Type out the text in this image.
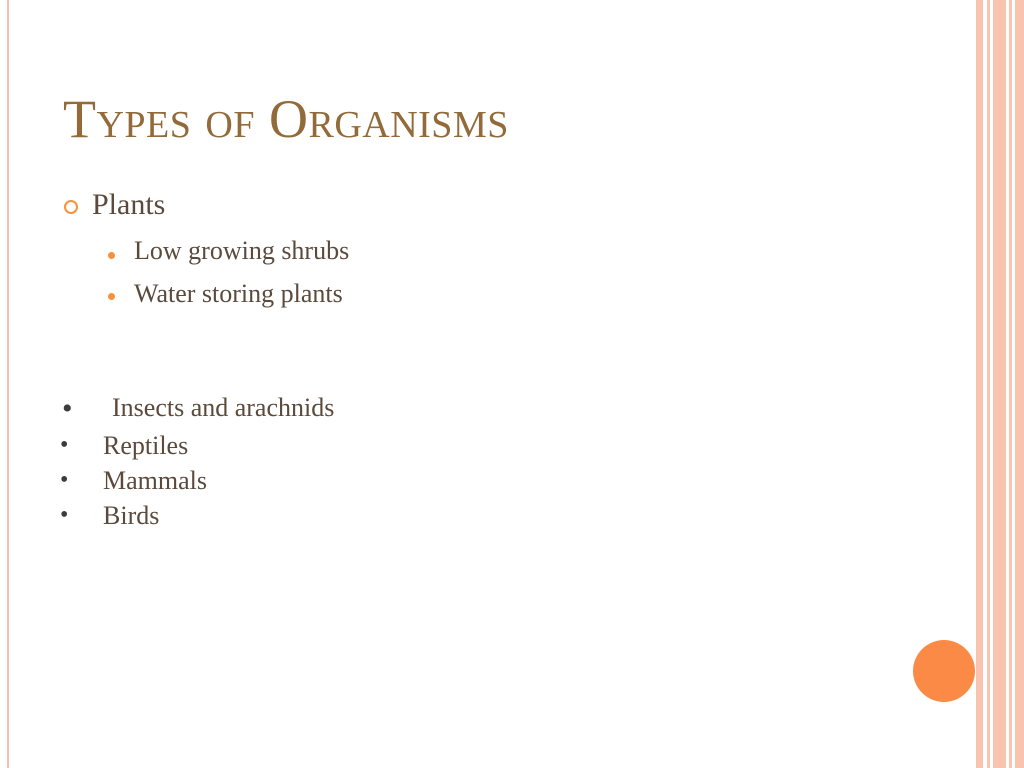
Types of Organisms
Plants
Low growing shrubs
Water storing plants
• Insects and arachnids
• Reptiles
• Mammals
• Birds
